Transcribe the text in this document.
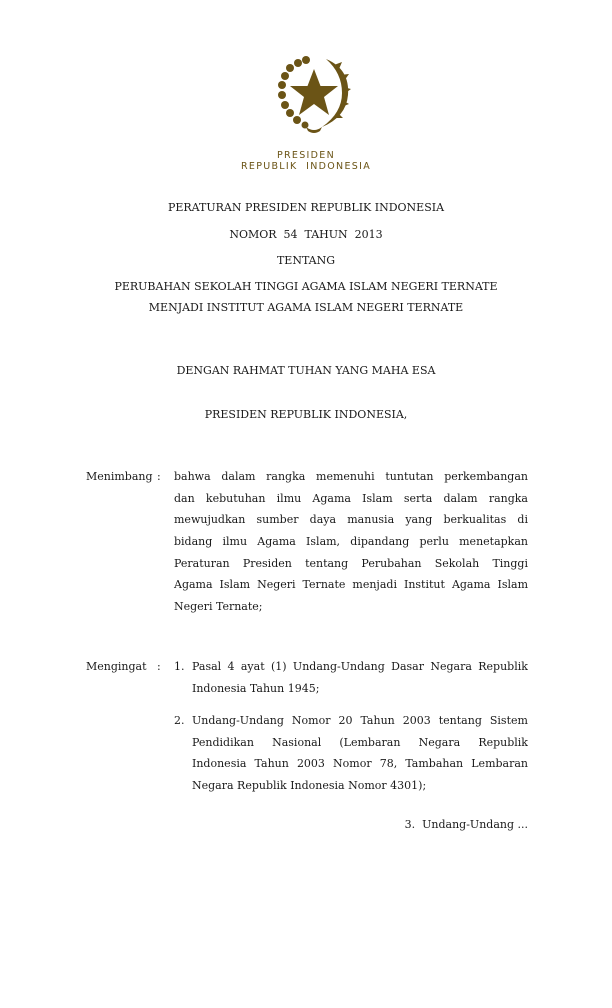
PRESIDEN
REPUBLIK  INDONESIA
PERATURAN PRESIDEN REPUBLIK INDONESIA
NOMOR  54  TAHUN  2013
TENTANG
PERUBAHAN SEKOLAH TINGGI AGAMA ISLAM NEGERI TERNATE
MENJADI INSTITUT AGAMA ISLAM NEGERI TERNATE
DENGAN RAHMAT TUHAN YANG MAHA ESA
PRESIDEN REPUBLIK INDONESIA,
Menimbang : bahwa dalam rangka memenuhi tuntutan perkembangan
dan kebutuhan ilmu Agama Islam serta dalam rangka
mewujudkan sumber daya manusia yang berkualitas di
bidang ilmu Agama Islam, dipandang perlu menetapkan
Peraturan Presiden tentang Perubahan Sekolah Tinggi
Agama Islam Negeri Ternate menjadi Institut Agama Islam
Negeri Ternate;
Mengingat : 1. Pasal 4 ayat (1) Undang-Undang Dasar Negara Republik
Indonesia Tahun 1945;
2. Undang-Undang Nomor 20 Tahun 2003 tentang Sistem
Pendidikan Nasional (Lembaran Negara Republik
Indonesia Tahun 2003 Nomor 78, Tambahan Lembaran
Negara Republik Indonesia Nomor 4301);
3.  Undang-Undang ...
